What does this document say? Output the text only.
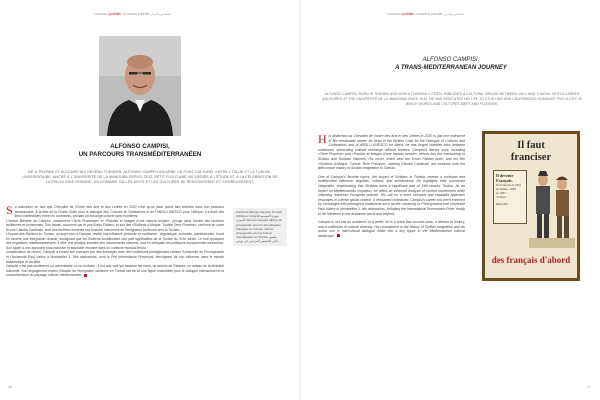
i nouveaux portraits i nouveaux portraits إشخاص وأسرار
ALFONSO CAMPISI,
UN PARCOURS TRANSMÉDITERRANÉEN
NÉ À TRAPANI ET AUJOURD'HUI DEVENU TUNISIEN, ALFONSO CAMPISI INCARNE UN PONT CULTUREL ENTRE L'ITALIE ET LA TUNISIE. UNIVERSITAIRE, ANCRÉ À L'UNIVERSITÉ DE LA MANOUBA DEPUIS 2012, PETIT FILS D'UNE VIE DÉDIÉE À L'ÉTUDE ET À LA CÉLÉBRATION DE LA PHILOLOGIE ROMANE, UN DOMAINE OÙ LES MOTS ET LES CULTURES SE RENCONTRENT ET S'ENRICHISSENT.

Sa distinction en tant que Chevalier de l'Ordre des Arts et des Lettres en 2020 n'est qu'un jalon parmi tant d'autres dans son parcours remarquable. À la tête de la Chaire Sicile pour le dialogue des Cultures et Civilisations et de l'ABGLU-INESCO pour l'Afrique, il a tissé des liens indéfectibles entre les continents, prônant un échange culturel sans frontières.

L'œuvre littéraire de Campisi, notamment «Terre Promesse» et «Paroles et images d'une histoire tunisie», plonge dans l'amitié des histoires siciliennes et tunisiennes. Son travail, couronné par le prix Ennio Flaiano, et son film «Siciliens d'Afrique. Tunisie Terre Promise», renforce en outre la voix Claudia Cardinale, sont des fenêtres ouvertes sur l'histoire méconnue de l'émigration sicilienne vers la Tunisie.

L'impact des Siciliens en Tunisie, un sujet cher à Campisi, révèle une influence profonde et multiforme : linguistique, culturelle, architecturale. Il met en lumière une intégration réussie, soulignant que les Siciliens constituaient une part significative de la Tunisie du XIXe siècle. Le tout qu'aspect des migrations méditerranéennes, il offre une analyse éclairée des mouvements culturels, tout en critiquant les politiques européennes restrictives. Son appel à une approche plus inclusive et équitable résonne dans un contexte mondial tendu.

Collaboration de renom, Campisi a enrichi son parcours par des échanges avec des institutions prestigieuses comme l'Université de Pennsylvanie et l'Université Paul Valéry à Montpellier 3. Ses distinctions, dont le Prix international Provençal, témoignent de son influence dans le monde académique et au-delà.

Campisi n'est pas seulement un universitaire ou un écrivain ; il est une voix qui traverse les mers, un témoin de l'histoire, un artisan de la diversité culturelle. Son engagement envers l'histoire de l'émigration sicilienne en Tunisie fait de lui une figure essentielle pour le dialogue interculturel et la compréhension du paysage culturel méditerranéen.

Portrait d'Alfonso Campisi. Portrait d'Alfonso Campisi صورة ألفونسو كامبيزي Alfonso Campisi affiche de propagande pour la naturalisation française en Tunisie. affiche propagande pour la France naturalisation en Tunisie ملصق دعائي للتجنيس الفرنسي في تونس
16
i nouveaux portraits i nouveaux portraits إشخاص وأسرار
17
ALFONSO CAMPISI,
A TRANS-MEDITERRANEAN JOURNEY
ALFONSO CAMPISI, BORN IN TRAPANI AND NOW A TUNISIAN CITIZEN, EMBODIES A CULTURAL BRIDGE BETWEEN ITALY AND TUNISIA. WITH A CAREER ANCHORED AT THE UNIVERSITÉ DE LA MANOUBA SINCE 2012, HE HAS DEDICATED HIS LIFE TO STUDYING AND CELEBRATING ROMANCE PHILOLOGY, IN WHICH WORDS AND CULTURES MEET AND FLOURISH.

His distinction as Chevalier de l'ordre des Arts et des Lettres in 2020 is just one milestone in his remarkable career. As head of the Sicilian Chair for the Dialogue of Cultures and Civilizations and of ABGLU-UNESCO for Africa, he has forged indelible links between continents, advocating cultural exchange without borders. Campisi's literary work, including «Terre Promise» and «Paroles et images d'une histoire tunisie», delves into the intertwining of Sicilian and Tunisian histories. His novel, which won the Ennio Flaiano prize, and his film «Siciliens d'Afrique. Tunisie Terre Promise», starring Claudia Cardinale, are windows onto the little-known history of Sicilian emigration to Tunisia.

One of Campisi's favorite topics, the impact of Sicilians in Tunisia, reveals a profound and multifaceted influence: linguistic, cultural, and architectural. He highlights their successful integration, emphasizing that Sicilians were a significant part of 19th-century Tunisia. As an expert on Mediterranean migration, he offers an informed analysis of current movements while criticizing restrictive European policies. His call for a more inclusive and equitable approach resonates in a tense global context. A renowned contributor, Campisi's career has been enriched by exchanges with prestigious institutions such as the University of Pennsylvania and Université Paul Valéry in Montpellier 3. His distinctions, including the International Provenzano Prize, testify to his influence in the academic world and beyond.

Campisi is not just an academic or a writer; he is a voice that crosses seas, a witness to history, and a craftsman of cultural diversity. His commitment to the history of Sicilian emigration and his active role in intercultural dialogue make him a key figure in the Mediterranean cultural landscape.

Il faut
franciser
Il devenir
Français.
Un Français en 1931
un Italien : 1000
en 1931 :
3 Francs
Mussolini
des français d'abord
